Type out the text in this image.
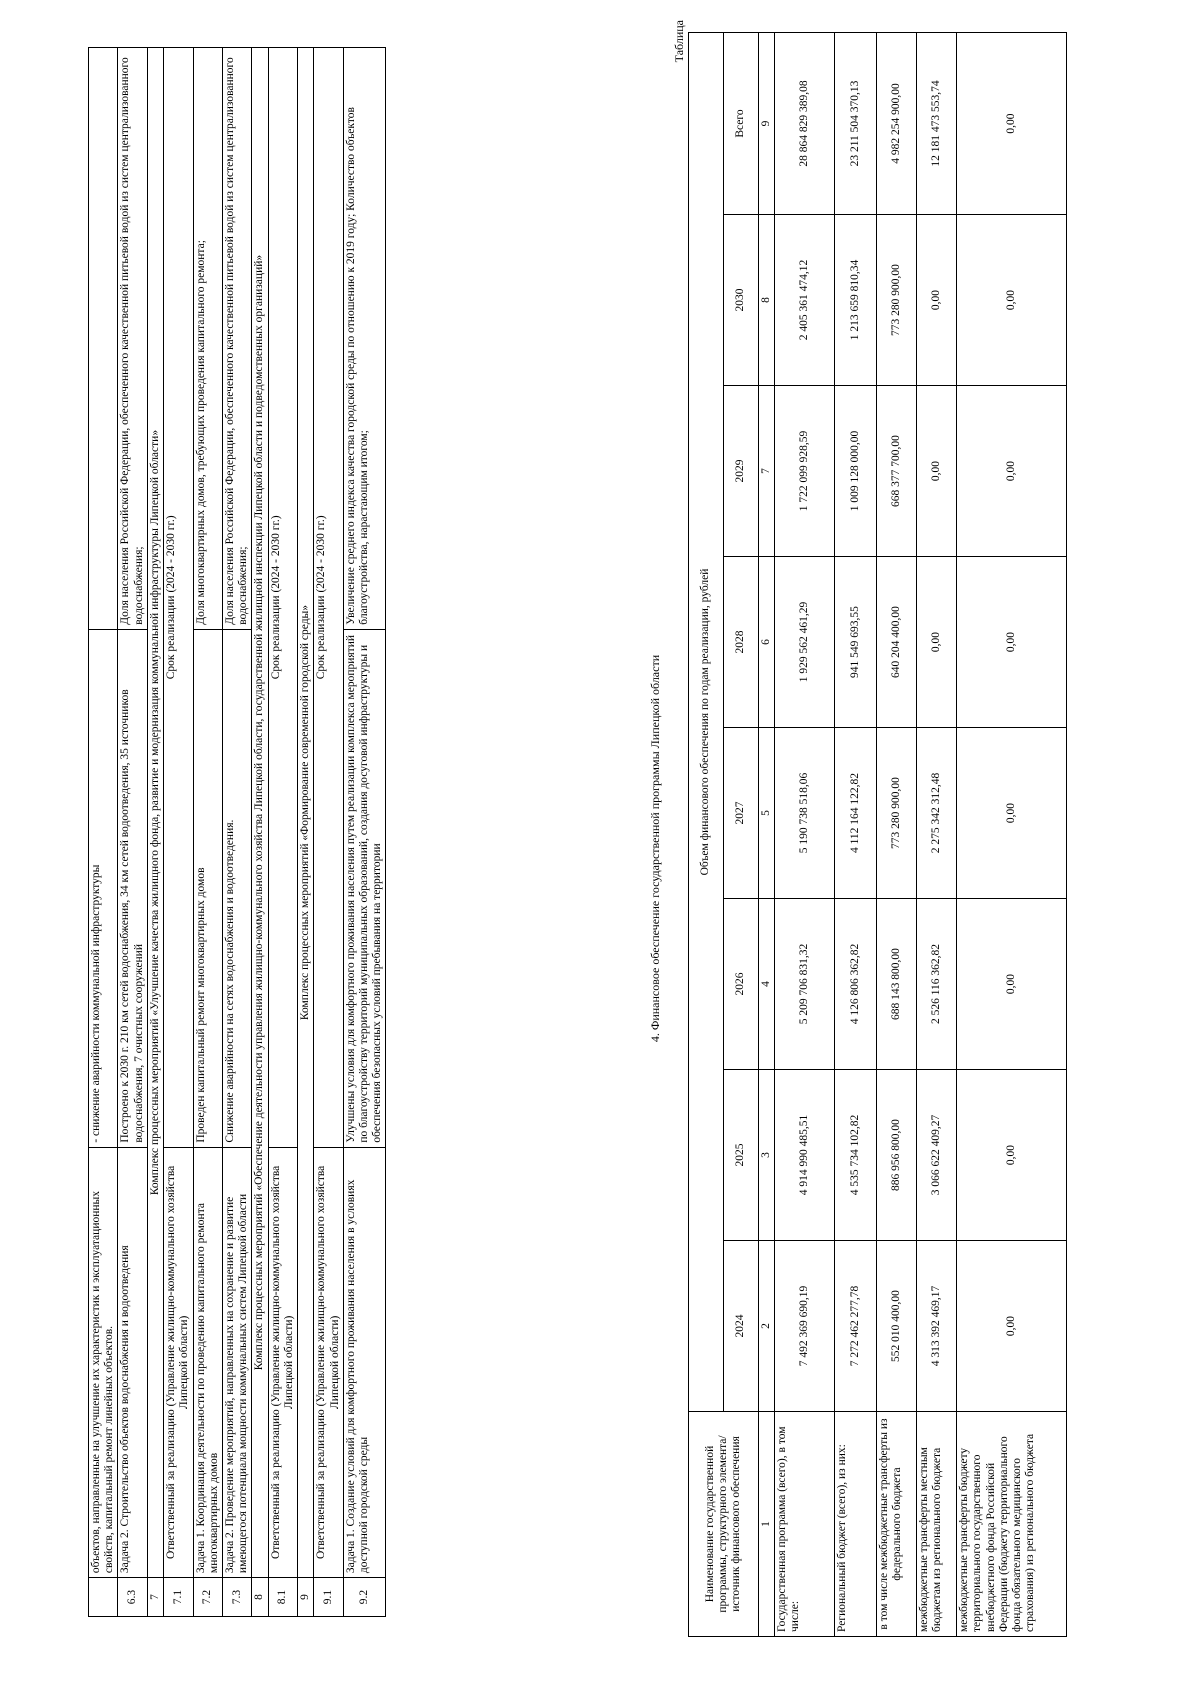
	объектов, направленные на улучшение их характеристик и эксплуатационных свойств, капитальный ремонт линейных объектов.	- снижение аварийности коммунальной инфраструктуры	
6.3	Задача 2. Строительство объектов водоснабжения и водоотведения	Построено к 2030 г. 210 км сетей водоснабжения, 34 км сетей водоотведения, 35 источников водоснабжения, 7 очистных сооружений	Доля населения Российской Федерации, обеспеченного качественной питьевой водой из систем централизованного водоснабжения;
7	Комплекс процессных мероприятий «Улучшение качества жилищного фонда, развитие и модернизация коммунальной инфраструктуры Липецкой области»		
7.1	Ответственный за реализацию (Управление жилищно-коммунального хозяйства Липецкой области)	Срок реализации (2024 - 2030 гг.)	
7.2	Задача 1. Координация деятельности по проведению капитального ремонта многоквартирных домов	Проведен капитальный ремонт многоквартирных домов	Доля многоквартирных домов, требующих проведения капитального ремонта;
7.3	Задача 2. Проведение мероприятий, направленных на сохранение и развитие имеющегося потенциала мощности коммунальных систем Липецкой области	Снижение аварийности на сетях водоснабжения и водоотведения.	Доля населения Российской Федерации, обеспеченного качественной питьевой водой из систем централизованного водоснабжения;
8	Комплекс процессных мероприятий «Обеспечение деятельности управления жилищно-коммунального хозяйства Липецкой области, государственной жилищной инспекции Липецкой области и подведомственных организаций»		
8.1	Ответственный за реализацию (Управление жилищно-коммунального хозяйства Липецкой области)	Срок реализации (2024 - 2030 гг.)	
9	Комплекс процессных мероприятий «Формирование современной городской среды»		
9.1	Ответственный за реализацию (Управление жилищно-коммунального хозяйства Липецкой области)	Срок реализации (2024 - 2030 гг.)	
9.2	Задача 1. Создание условий для комфортного проживания населения в условиях доступной городской среды	Улучшены условия для комфортного проживания населения путем реализации комплекса мероприятий по благоустройству территорий муниципальных образований, создания досуговой инфраструктуры и обеспечения безопасных условий пребывания на территории	Увеличение среднего индекса качества городской среды по отношению к 2019 году; Количество объектов благоустройства, нарастающим итогом;
4. Финансовое обеспечение государственной программы Липецкой области
Таблица
Наименование государственной программы, структурного элемента/источник финансового обеспечения	Объем финансового обеспечения по годам реализации, рублей							
	2024	2025	2026	2027	2028	2029	2030	Всего
1	2	3	4	5	6	7	8	9
Государственная программа (всего), в том числе:	7 492 369 690,19	4 914 990 485,51	5 209 706 831,32	5 190 738 518,06	1 929 562 461,29	1 722 099 928,59	2 405 361 474,12	28 864 829 389,08
Региональный бюджет (всего), из них:	7 272 462 277,78	4 535 734 102,82	4 126 806 362,82	4 112 164 122,82	941 549 693,55	1 009 128 000,00	1 213 659 810,34	23 211 504 370,13
в том числе межбюджетные трансферты из федерального бюджета	552 010 400,00	886 956 800,00	688 143 800,00	773 280 900,00	640 204 400,00	668 377 700,00	773 280 900,00	4 982 254 900,00
межбюджетные трансферты местным бюджетам из регионального бюджета	4 313 392 469,17	3 066 622 409,27	2 526 116 362,82	2 275 342 312,48	0,00	0,00	0,00	12 181 473 553,74
межбюджетные трансферты бюджету территориального государственного внебюджетного фонда Российской Федерации (бюджету территориального фонда обязательного медицинского страхования) из регионального бюджета	0,00	0,00	0,00	0,00	0,00	0,00	0,00	0,00
